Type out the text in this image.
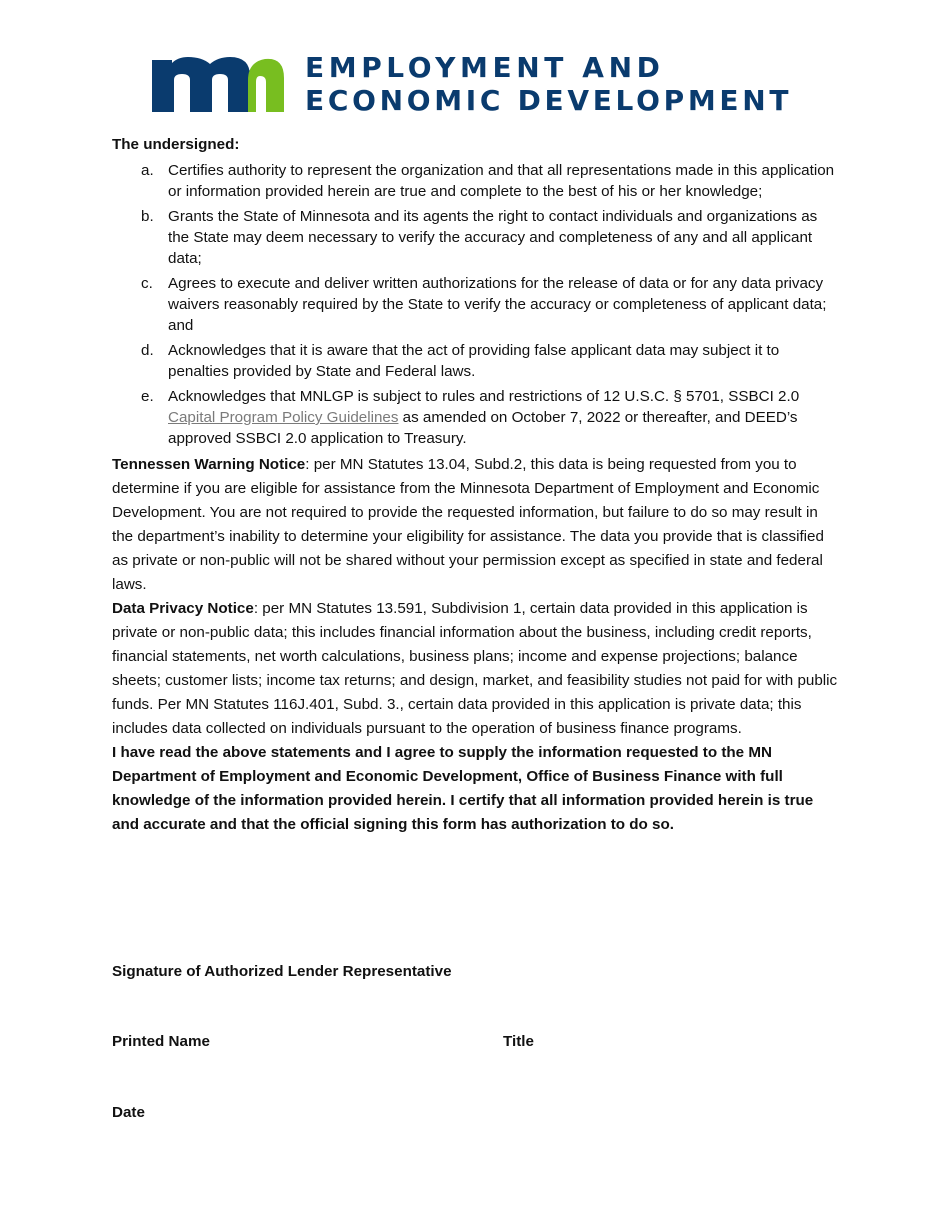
EMPLOYMENT AND
ECONOMIC DEVELOPMENT
The undersigned:
a. Certifies authority to represent the organization and that all representations made in this application or information provided herein are true and complete to the best of his or her knowledge;
b. Grants the State of Minnesota and its agents the right to contact individuals and organizations as the State may deem necessary to verify the accuracy and completeness of any and all applicant data;
c. Agrees to execute and deliver written authorizations for the release of data or for any data privacy waivers reasonably required by the State to verify the accuracy or completeness of applicant data; and
d. Acknowledges that it is aware that the act of providing false applicant data may subject it to penalties provided by State and Federal laws.
e. Acknowledges that MNLGP is subject to rules and restrictions of 12 U.S.C. § 5701, SSBCI 2.0 Capital Program Policy Guidelines as amended on October 7, 2022 or thereafter, and DEED’s approved SSBCI 2.0 application to Treasury.

Tennessen Warning Notice: per MN Statutes 13.04, Subd.2, this data is being requested from you to determine if you are eligible for assistance from the Minnesota Department of Employment and Economic Development. You are not required to provide the requested information, but failure to do so may result in the department’s inability to determine your eligibility for assistance. The data you provide that is classified as private or non-public will not be shared without your permission except as specified in state and federal laws.

Data Privacy Notice: per MN Statutes 13.591, Subdivision 1, certain data provided in this application is private or non-public data; this includes financial information about the business, including credit reports, financial statements, net worth calculations, business plans; income and expense projections; balance sheets; customer lists; income tax returns; and design, market, and feasibility studies not paid for with public funds. Per MN Statutes 116J.401, Subd. 3., certain data provided in this application is private data; this includes data collected on individuals pursuant to the operation of business finance programs.

I have read the above statements and I agree to supply the information requested to the MN Department of Employment and Economic Development, Office of Business Finance with full knowledge of the information provided herein. I certify that all information provided herein is true and accurate and that the official signing this form has authorization to do so.

Signature of Authorized Lender Representative
Printed Name	Title
Date
